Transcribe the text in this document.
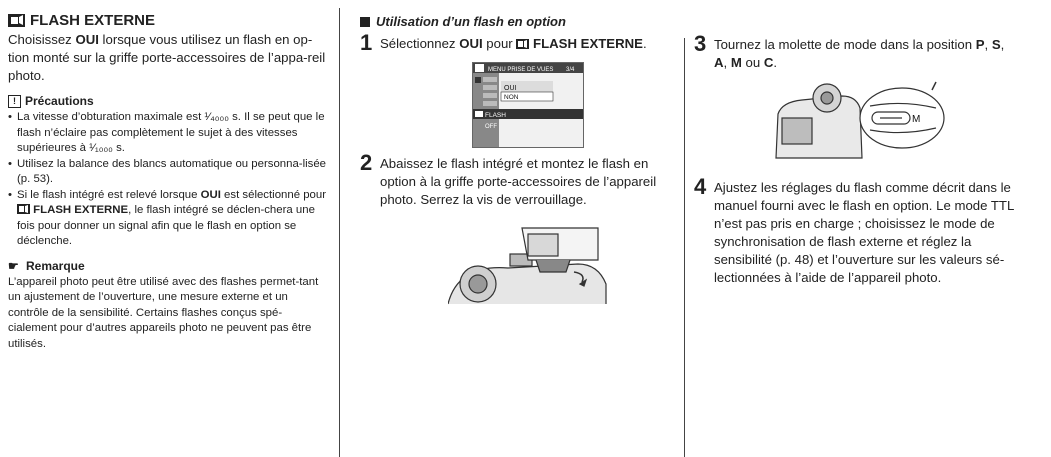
FLASH EXTERNE

Choisissez OUI lorsque vous utilisez un flash en op-tion monté sur la griffe porte-accessoires de l’appa-reil photo.

! Précautions
• La vitesse d’obturation maximale est ¹⁄₄₀₀₀ s. Il se peut que le flash n’éclaire pas complètement le sujet à des vitesses supérieures à ¹⁄₁₀₀₀ s.
• Utilisez la balance des blancs automatique ou personna-lisée (p. 53).
• Si le flash intégré est relevé lorsque OUI est sélectionné pour
FLASH EXTERNE, le flash intégré se déclen-chera une fois pour donner un signal afin que le flash en option se déclenche.
☛ Remarque

L’appareil photo peut être utilisé avec des flashes permet-tant un ajustement de l’ouverture, une mesure externe et un contrôle de la sensibilité. Certains flashes conçus spé-cialement pour d’autres appareils photo ne peuvent pas être utilisés.

Utilisation d’un flash en option
1 Sélectionnez OUI pour
FLASH EXTERNE.
2 Abaissez le flash intégré et montez le flash en option à la griffe porte-accessoires de l’appareil photo. Serrez la vis de verrouillage.
MENU PRISE DE VUES 3/4
FLASH
OFF
OUI
NON
3 Tournez la molette de mode dans la position P, S, A, M ou C.
4 Ajustez les réglages du flash comme décrit dans le manuel fourni avec le flash en option. Le mode TTL n’est pas pris en charge ; choisissez le mode de synchronisation de flash externe et réglez la sensibilité (p. 48) et l’ouverture sur les valeurs sé-lectionnées à l’aide de l’appareil photo.
M
